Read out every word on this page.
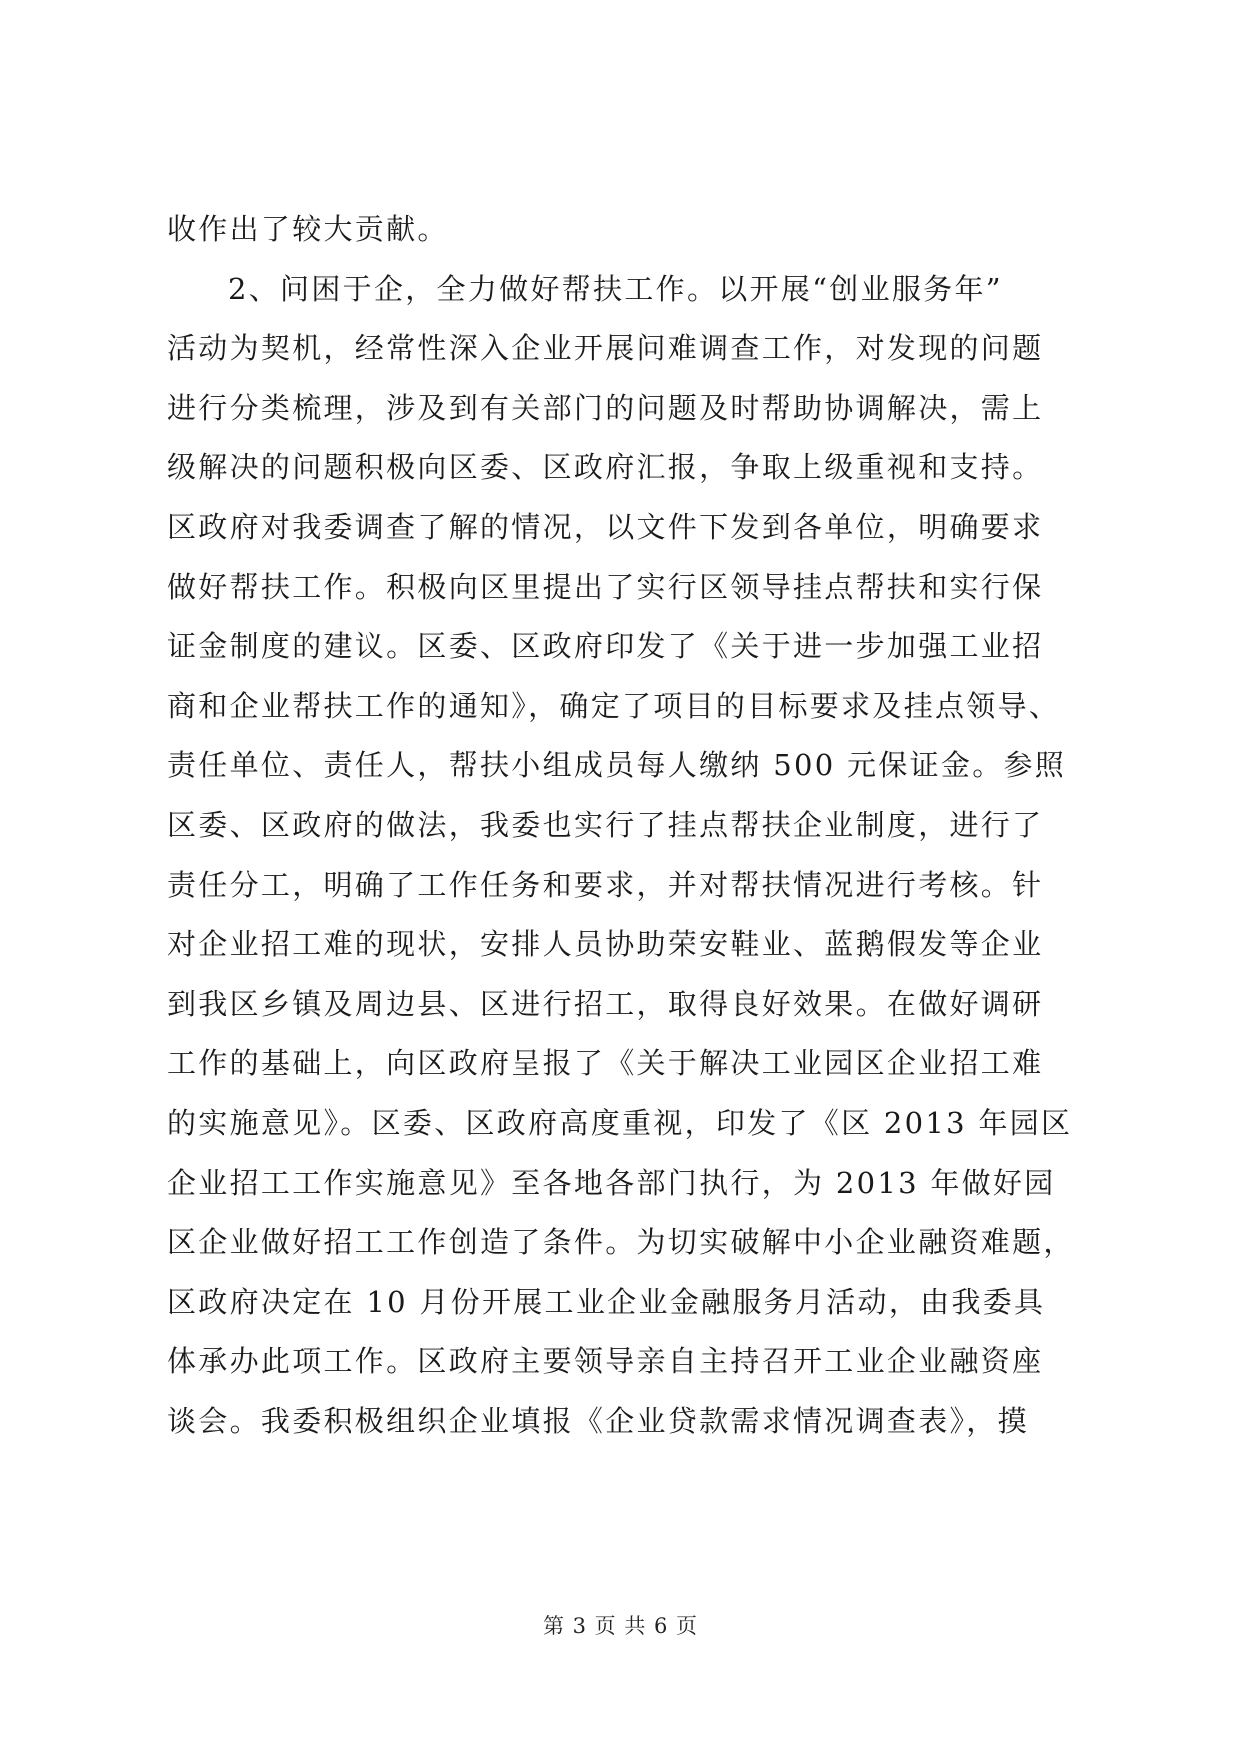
收作出了较大贡献。
2、问困于企，全力做好帮扶工作。以开展“创业服务年”
活动为契机，经常性深入企业开展问难调查工作，对发现的问题
进行分类梳理，涉及到有关部门的问题及时帮助协调解决，需上
级解决的问题积极向区委、区政府汇报，争取上级重视和支持。
区政府对我委调查了解的情况，以文件下发到各单位，明确要求
做好帮扶工作。积极向区里提出了实行区领导挂点帮扶和实行保
证金制度的建议。区委、区政府印发了《关于进一步加强工业招
商和企业帮扶工作的通知》，确定了项目的目标要求及挂点领导、
责任单位、责任人，帮扶小组成员每人缴纳 500 元保证金。参照
区委、区政府的做法，我委也实行了挂点帮扶企业制度，进行了
责任分工，明确了工作任务和要求，并对帮扶情况进行考核。针
对企业招工难的现状，安排人员协助荣安鞋业、蓝鹅假发等企业
到我区乡镇及周边县、区进行招工，取得良好效果。在做好调研
工作的基础上，向区政府呈报了《关于解决工业园区企业招工难
的实施意见》。区委、区政府高度重视，印发了《区 2013 年园区
企业招工工作实施意见》至各地各部门执行，为 2013 年做好园
区企业做好招工工作创造了条件。为切实破解中小企业融资难题，
区政府决定在 10 月份开展工业企业金融服务月活动，由我委具
体承办此项工作。区政府主要领导亲自主持召开工业企业融资座
谈会。我委积极组织企业填报《企业贷款需求情况调查表》，摸
第 3 页 共 6 页
